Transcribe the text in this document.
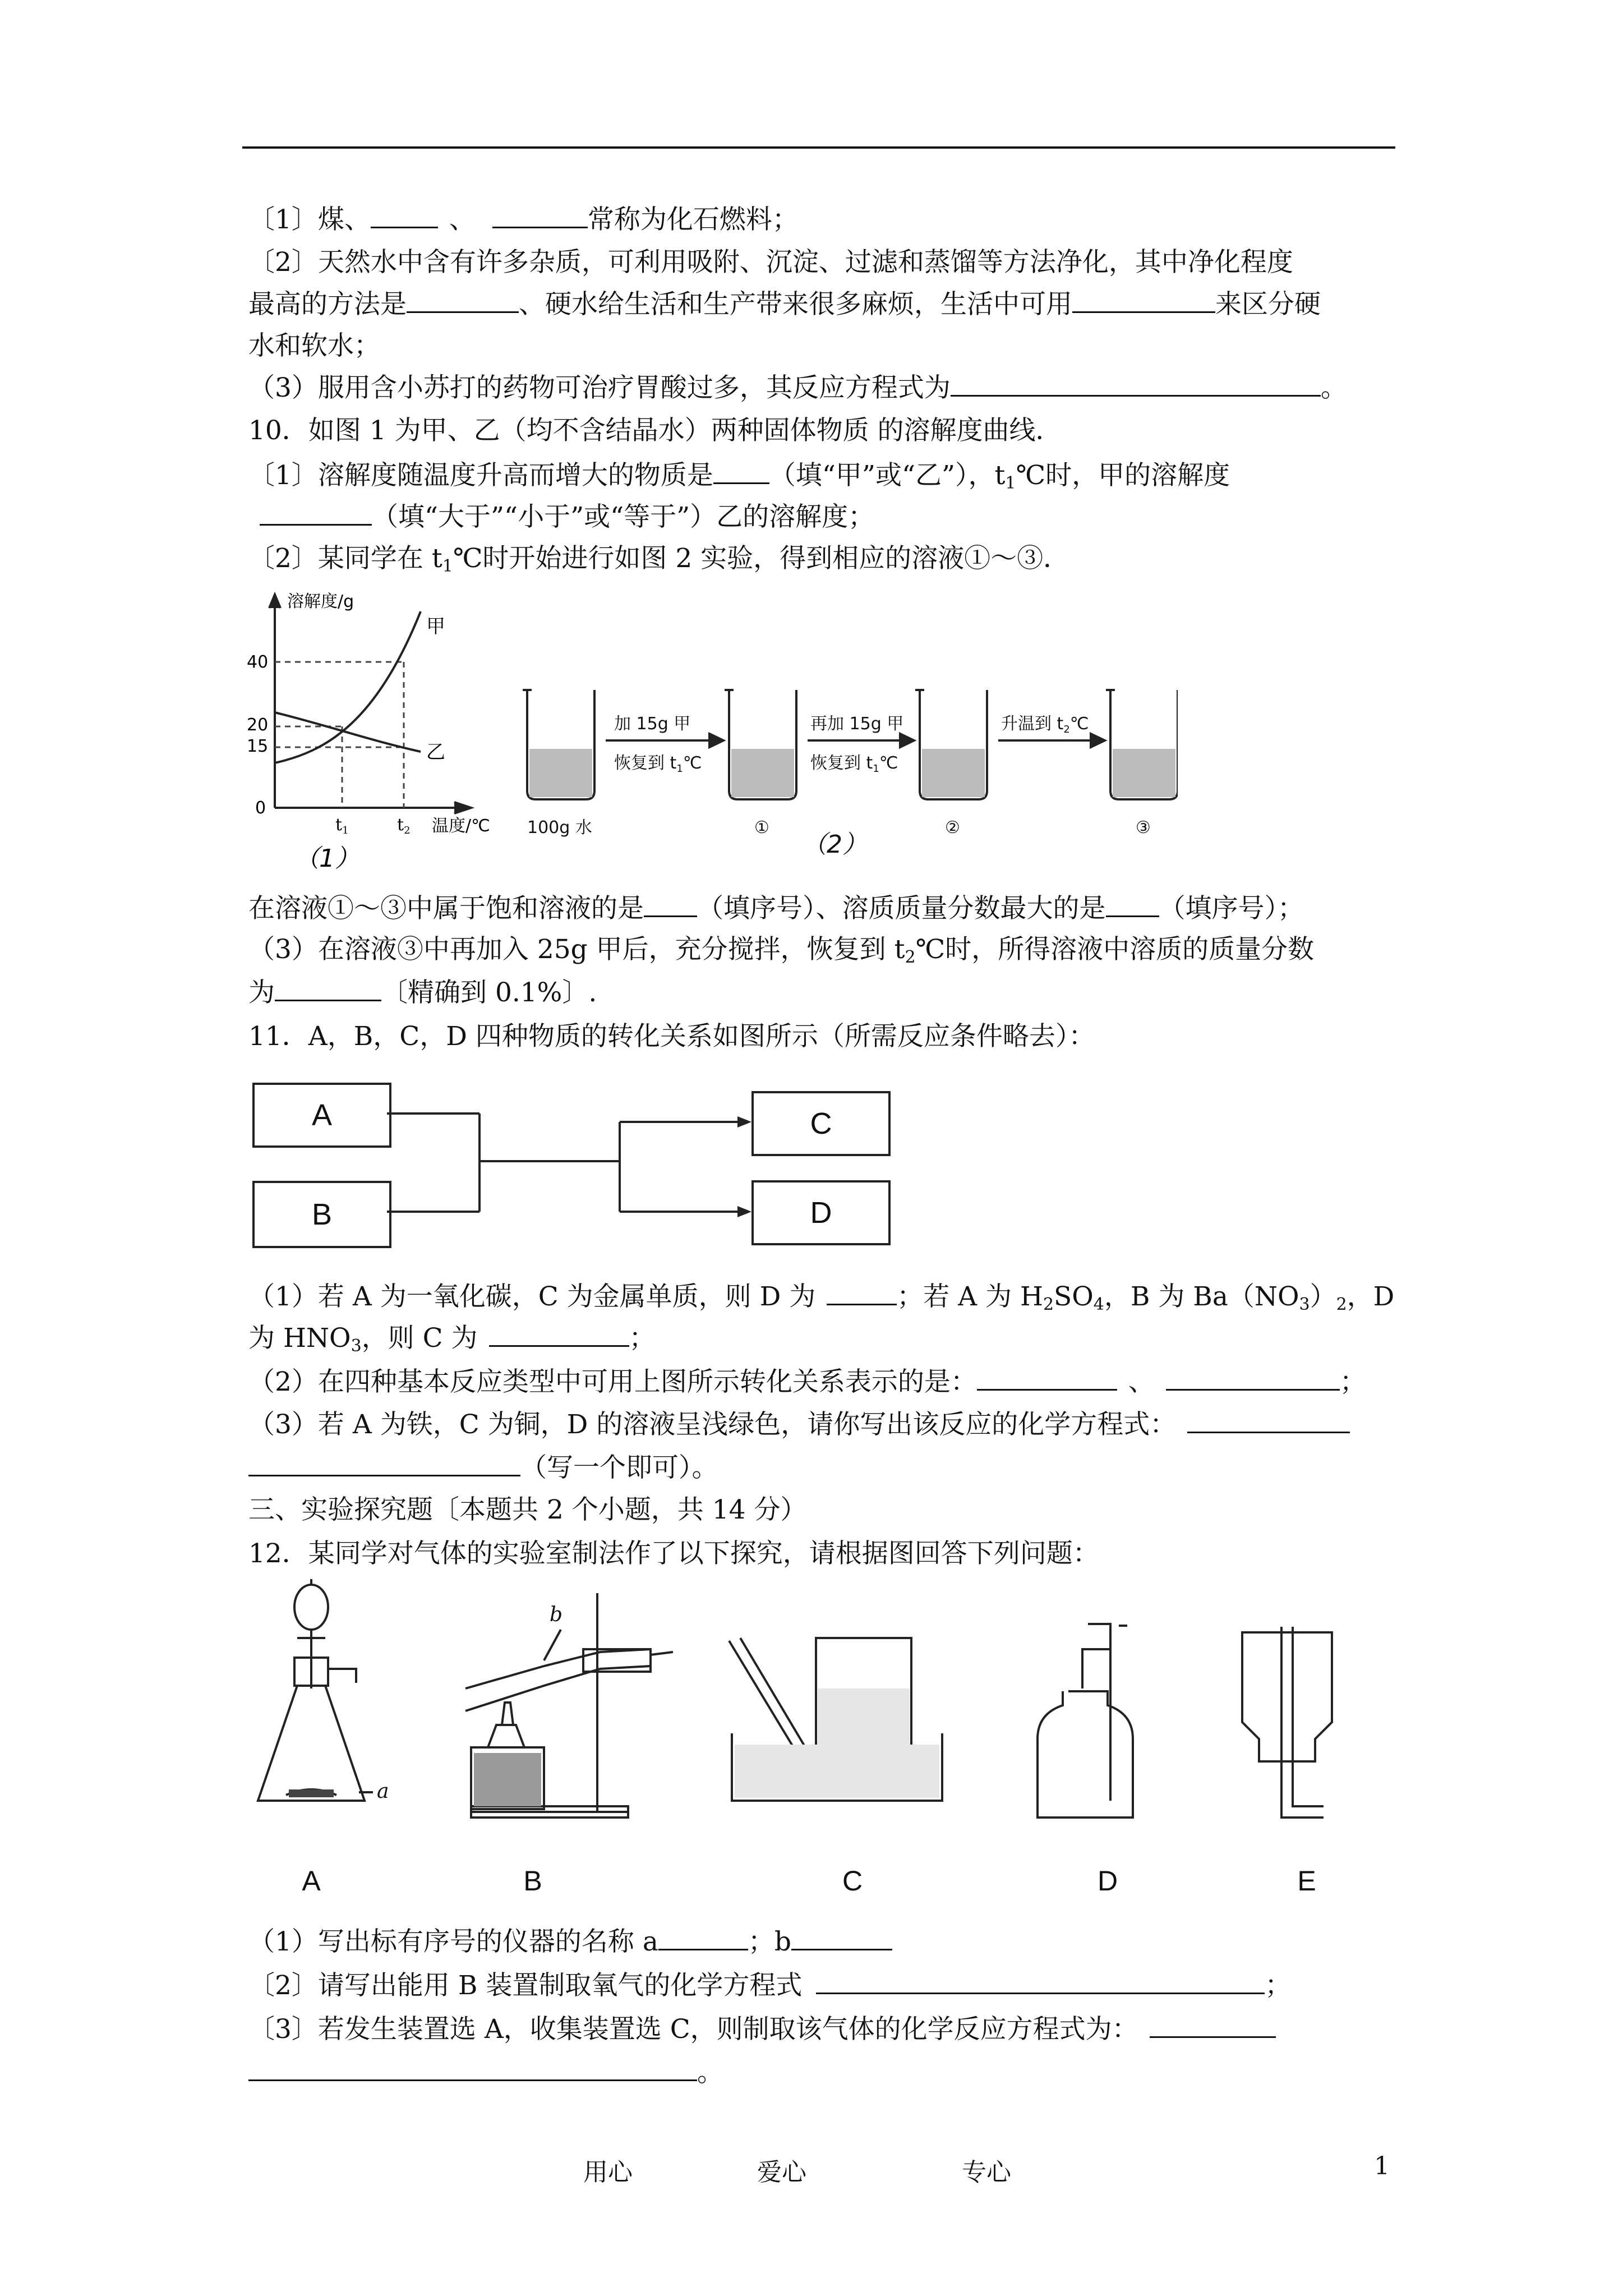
〔1〕煤、	、	常称为化石燃料；
〔2〕天然水中含有许多杂质，可利用吸附、沉淀、过滤和蒸馏等方法净化，其中净化程度
最高的方法是	、硬水给生活和生产带来很多麻烦，生活中可用	来区分硬
水和软水；
（3）服用含小苏打的药物可治疗胃酸过多，其反应方程式为	。
10．如图 1 为甲、乙（均不含结晶水）两种固体物质 的溶解度曲线．
〔1〕溶解度随温度升高而增大的物质是 （填“甲”或“乙”），$t_1℃$时，甲的溶解度
（填“大于”“小于”或“等于”）乙的溶解度；
〔2〕某同学在 $t_1℃$时开始进行如图 2 实验，得到相应的溶液①～③．
溶解度/g
40
20
15
0
$t_1$	$t_2$ 温度/℃
甲
乙
（1）
加 15g 甲
恢复到 $t_1℃$
再加 15g 甲
恢复到 $t_1℃$
升温到 $t_2℃$
100g 水	①	②	③
（2）
在溶液①～③中属于饱和溶液的是 （填序号）、溶质质量分数最大的是 （填序号）；
（3）在溶液③中再加入 25g 甲后，充分搅拌，恢复到 $t_2℃$时，所得溶液中溶质的质量分数
为	〔精确到 0.1%〕.
11．A，B，C，D 四种物质的转化关系如图所示（所需反应条件略去）：
A
B
C
D
（1）若 A 为一氧化碳，C 为金属单质，则 D 为	；若 A 为 $H_2SO_4$，B 为 $Ba(NO_3)_2$，D
为 $HNO_3$，则 C 为	；
（2）在四种基本反应类型中可用上图所示转化关系表示的是：	、	；
（3）若 A 为铁，C 为铜，D 的溶液呈浅绿色，请你写出该反应的化学方程式：
（写一个即可）。
三、实验探究题〔本题共 2 个小题，共 14 分）
12．某同学对气体的实验室制法作了以下探究，请根据图回答下列问题：
A	B	C	D	E
a
b
（1）写出标有序号的仪器的名称 a	；b
〔2〕请写出能用 B 装置制取氧气的化学方程式	；
〔3〕若发生装置选 A，收集装置选 C，则制取该气体的化学反应方程式为：
。
用心	爱心	专心	1
